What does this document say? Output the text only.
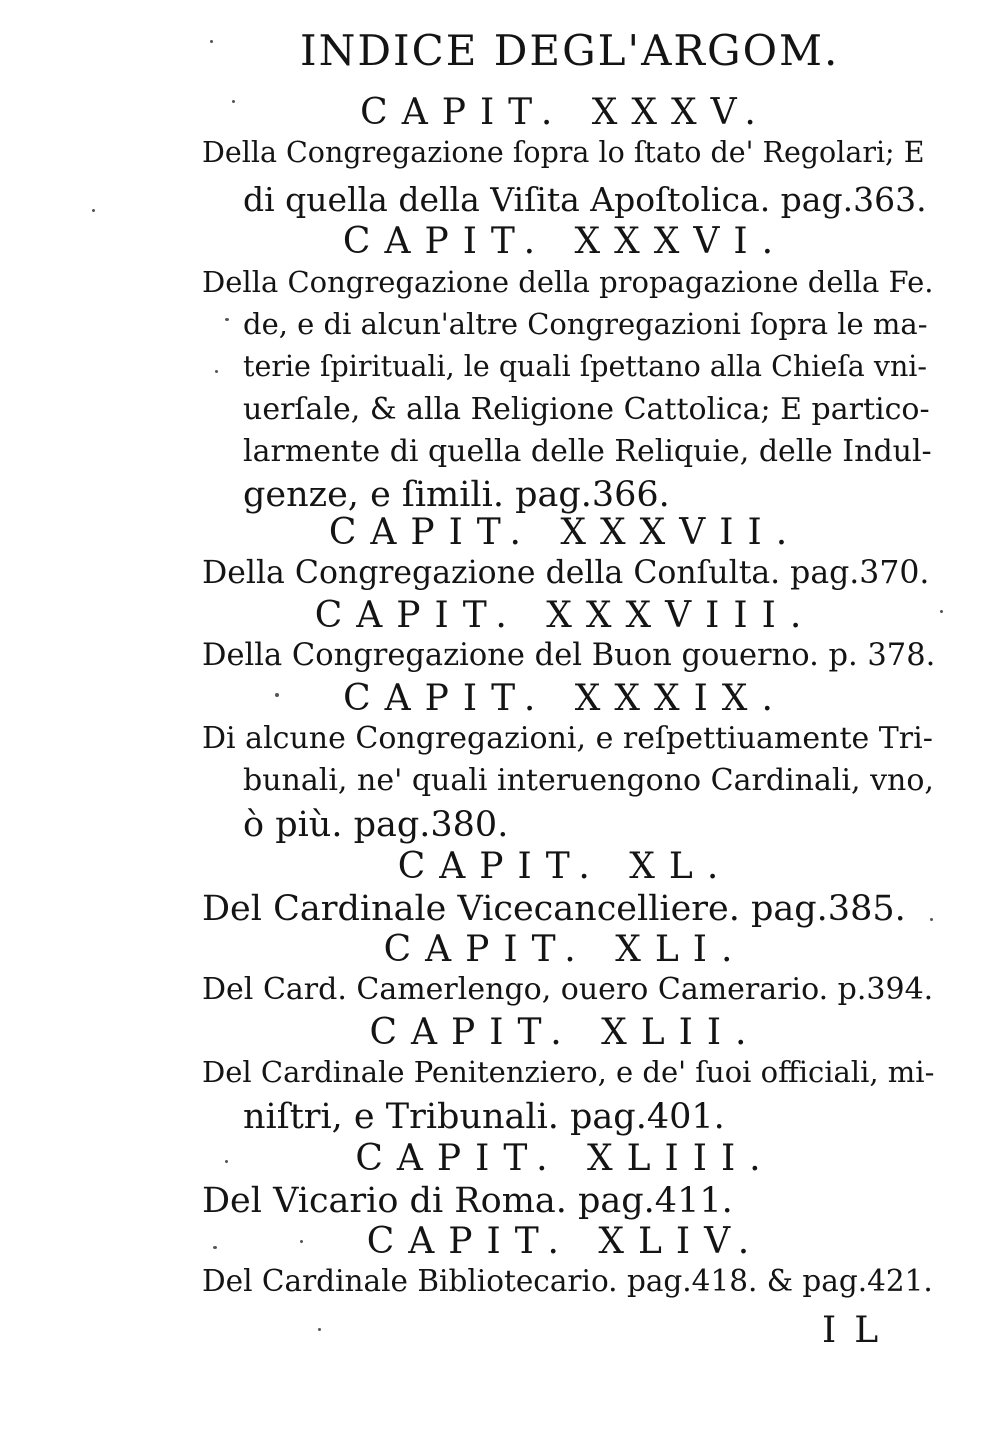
INDICE DEGL'ARGOM.
CAPIT. XXXV.
Della Congregazione ſopra lo ſtato de' Regolari; E
di quella della Viſita Apoſtolica. pag.363.
CAPIT. XXXVI.
Della Congregazione della propagazione della Fe.
de, e di alcun'altre Congregazioni ſopra le ma-
terie ſpirituali, le quali ſpettano alla Chieſa vni-
uerſale, & alla Religione Cattolica; E partico-
larmente di quella delle Reliquie, delle Indul-
genze, e ſimili. pag.366.
CAPIT. XXXVII.
Della Congregazione della Conſulta. pag.370.
CAPIT. XXXVIII.
Della Congregazione del Buon gouerno. p. 378.
CAPIT. XXXIX.
Di alcune Congregazioni, e reſpettiuamente Tri-
bunali, ne' quali interuengono Cardinali, vno,
ò più. pag.380.
CAPIT. XL.
Del Cardinale Vicecancelliere. pag.385.
CAPIT. XLI.
Del Card. Camerlengo, ouero Camerario. p.394.
CAPIT. XLII.
Del Cardinale Penitenziero, e de' ſuoi officiali, mi-
niſtri, e Tribunali. pag.401.
CAPIT. XLIII.
Del Vicario di Roma. pag.411.
CAPIT. XLIV.
Del Cardinale Bibliotecario. pag.418. & pag.421.
IL
